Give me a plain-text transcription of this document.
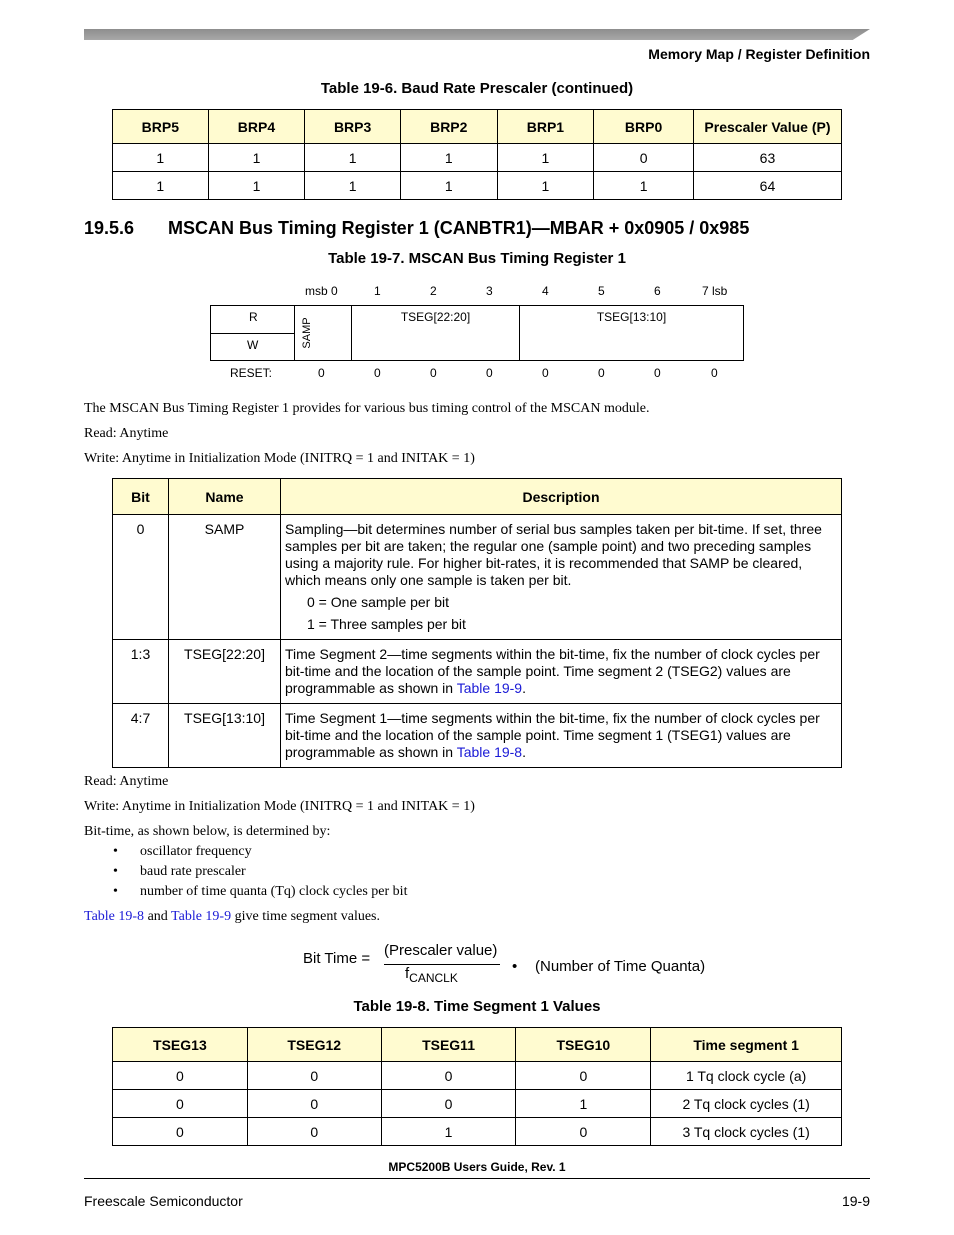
Memory Map / Register Definition
Table 19-6. Baud Rate Prescaler (continued)
BRP5	BRP4	BRP3	BRP2	BRP1	BRP0	Prescaler Value (P)
1	1	1	1	1	0	63
1	1	1	1	1	1	64
19.5.6 MSCAN Bus Timing Register 1 (CANBTR1)—MBAR + 0x0905 / 0x985
Table 19-7. MSCAN Bus Timing Register 1
msb 0	1	2	3	4	5	6	7 lsb
R
W	SAMP
TSEG[22:20]	TSEG[13:10]
RESET:	0	0	0	0	0	0	0	0
The MSCAN Bus Timing Register 1 provides for various bus timing control of the MSCAN module.
Read: Anytime
Write: Anytime in Initialization Mode (INITRQ = 1 and INITAK = 1)
Bit	Name	Description
0	SAMP	Sampling—bit determines number of serial bus samples taken per bit-time. If set, three samples per bit are taken; the regular one (sample point) and two preceding samples using a majority rule. For higher bit-rates, it is recommended that SAMP be cleared, which means only one sample is taken per bit.
0 = One sample per bit
1 = Three samples per bit

1:3	TSEG[22:20]	Time Segment 2—time segments within the bit-time, fix the number of clock cycles per bit-time and the location of the sample point. Time segment 2 (TSEG2) values are programmable as shown in Table 19-9.
4:7	TSEG[13:10]	Time Segment 1—time segments within the bit-time, fix the number of clock cycles per bit-time and the location of the sample point. Time segment 1 (TSEG1) values are programmable as shown in Table 19-8.
Read: Anytime
Write: Anytime in Initialization Mode (INITRQ = 1 and INITAK = 1)
Bit-time, as shown below, is determined by:
• oscillator frequency
• baud rate prescaler
• number of time quanta (Tq) clock cycles per bit
Table 19-8 and Table 19-9 give time segment values.
Bit Time = (Prescaler value)
$f_{CANCLK}$
• (Number of Time Quanta)
Table 19-8. Time Segment 1 Values
TSEG13	TSEG12	TSEG11	TSEG10	Time segment 1
0	0	0	0	1 Tq clock cycle (a)
0	0	0	1	2 Tq clock cycles (1)
0	0	1	0	3 Tq clock cycles (1)
MPC5200B Users Guide, Rev. 1
Freescale Semiconductor	19-9
